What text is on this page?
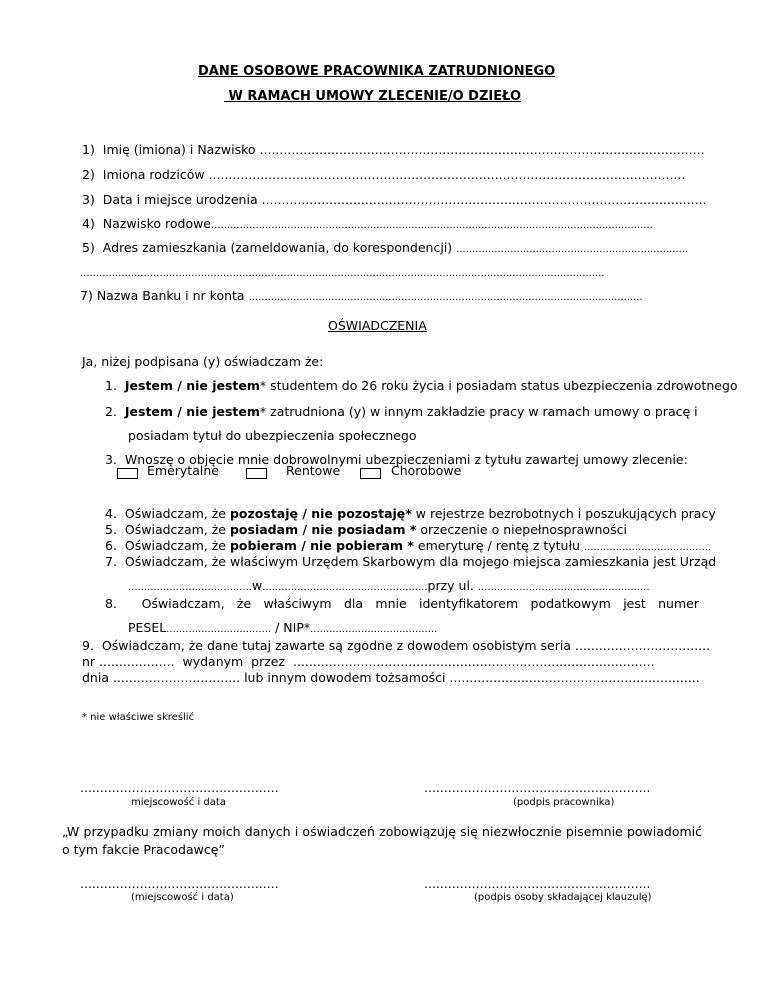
DANE OSOBOWE PRACOWNIKA ZATRUDNIONEGO
W RAMACH UMOWY ZLECENIE/O DZIEŁO
1) Imię (imiona) i Nazwisko ................................................................................................................
2) Imiona rodziców ........................................................................................................................
3) Data i miejsce urodzenia ................................................................................................................
4) Nazwisko rodowe...........................................................................................................................................
5) Adres zamieszkania (zameldowania, do korespondencji) .........................................................................
.....................................................................................................................................................................
7) Nazwa Banku i nr konta ............................................................................................................................
OŚWIADCZENIA
Ja, niżej podpisana (y) oświadczam że:
1. Jestem / nie jestem* studentem do 26 roku życia i posiadam status ubezpieczenia zdrowotnego
2. Jestem / nie jestem* zatrudniona (y) w innym zakładzie pracy w ramach umowy o pracę i
posiadam tytuł do ubezpieczenia społecznego
3. Wnoszę o objęcie mnie dobrowolnymi ubezpieczeniami z tytułu zawartej umowy zlecenie:
Emerytalne	Rentowe	Chorobowe
4. Oświadczam, że pozostaję / nie pozostaję* w rejestrze bezrobotnych i poszukujących pracy
5. Oświadczam, że posiadam / nie posiadam * orzeczenie o niepełnosprawności
6. Oświadczam, że pobieram / nie pobieram * emeryturę / rentę z tytułu ........................................
7. Oświadczam, że właściwym Urzędem Skarbowym dla mojego miejsca zamieszkania jest Urząd
.......................................w....................................................przy ul. ......................................................
8. Oświadczam, że właściwym dla mnie identyfikatorem podatkowym jest numer
PESEL................................. / NIP*........................................
9. Oświadczam, że dane tutaj zawarte są zgodne z dowodem osobistym seria ..................................
nr ...................  wydanym  przez  ...........................................................................................
dnia ................................ lub innym dowodem tożsamości ...............................................................
* nie właściwe skreślić
..................................................
miejscowość i data
.........................................................
(podpis pracownika)
„W przypadku zmiany moich danych i oświadczeń zobowiązuję się niezwłocznie pisemnie powiadomić o tym fakcie Pracodawcę”
..................................................
(miejscowość i data)
.........................................................
(podpis osoby składającej klauzulę)
